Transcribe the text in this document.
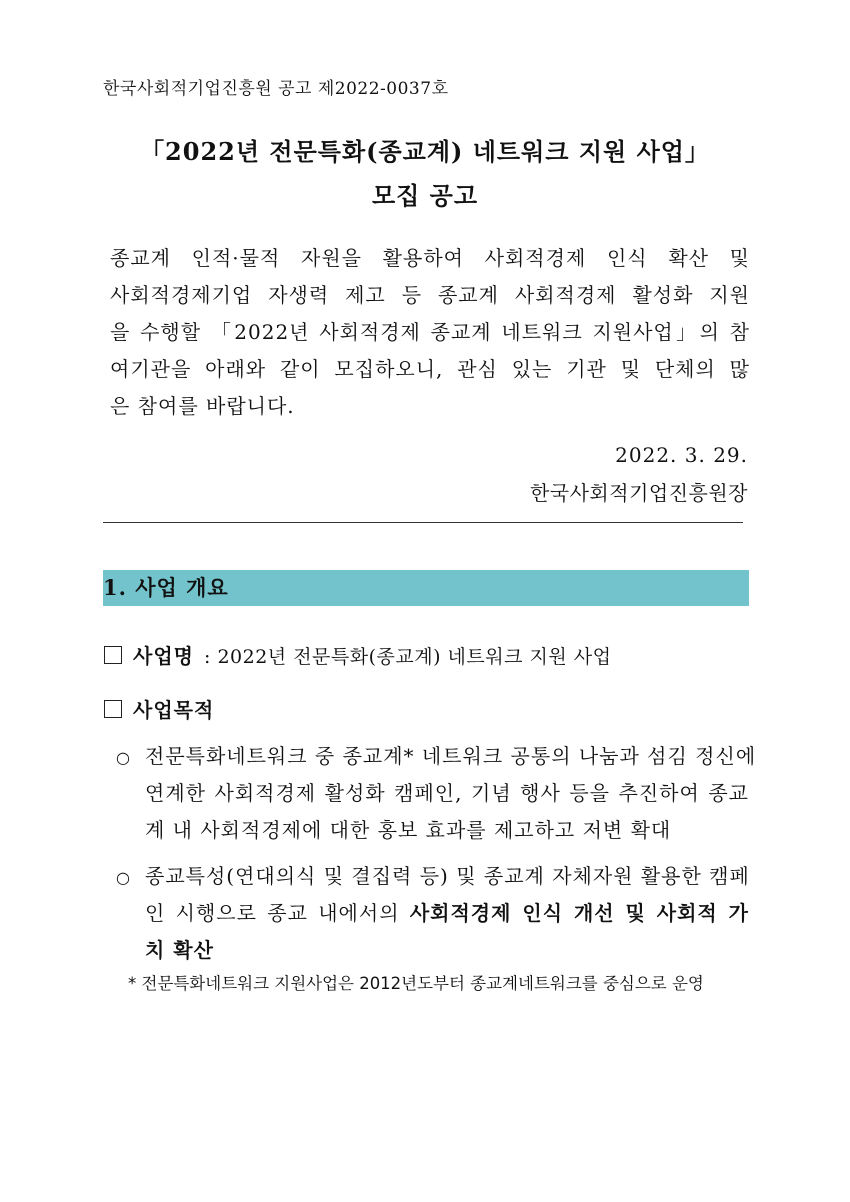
한국사회적기업진흥원 공고 제2022-0037호
「2022년 전문특화(종교계) 네트워크 지원 사업」
모집 공고
종교계 인적·물적 자원을 활용하여 사회적경제 인식 확산 및
사회적경제기업 자생력 제고 등 종교계 사회적경제 활성화 지원
을 수행할 「2022년 사회적경제 종교계 네트워크 지원사업」의 참
여기관을 아래와 같이 모집하오니, 관심 있는 기관 및 단체의 많
은 참여를 바랍니다.
2022. 3. 29.
한국사회적기업진흥원장
1. 사업 개요
사업명 : 2022년 전문특화(종교계) 네트워크 지원 사업
사업목적
○ 전문특화네트워크 중 종교계* 네트워크 공통의 나눔과 섬김 정신에
연계한 사회적경제 활성화 캠페인, 기념 행사 등을 추진하여 종교
계 내 사회적경제에 대한 홍보 효과를 제고하고 저변 확대
○ 종교특성(연대의식 및 결집력 등) 및 종교계 자체자원 활용한 캠페
인 시행으로 종교 내에서의 사회적경제 인식 개선 및 사회적 가
치 확산
* 전문특화네트워크 지원사업은 2012년도부터 종교계네트워크를 중심으로 운영
